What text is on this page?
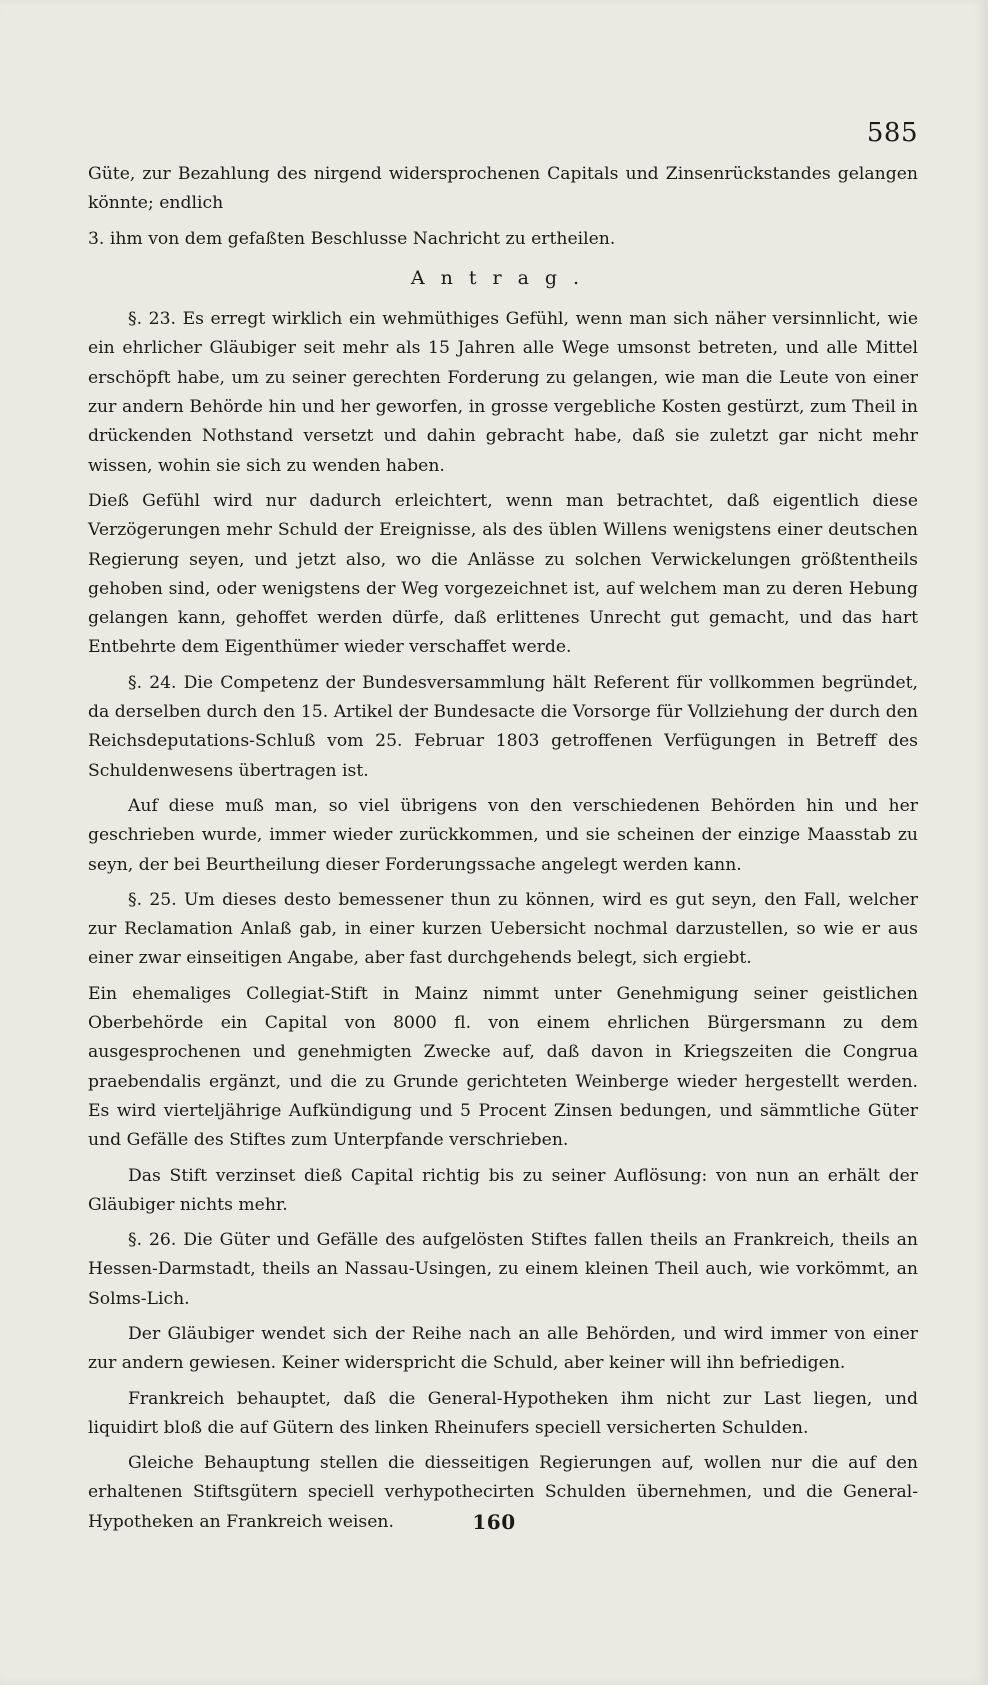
585

Güte, zur Bezahlung des nirgend widersprochenen Capitals und Zinsenrückstandes gelangen könnte; endlich

3. ihm von dem gefaßten Beschlusse Nachricht zu ertheilen.

Antrag.

§. 23. Es erregt wirklich ein wehmüthiges Gefühl, wenn man sich näher versinnlicht, wie ein ehrlicher Gläubiger seit mehr als 15 Jahren alle Wege umsonst betreten, und alle Mittel erschöpft habe, um zu seiner gerechten Forderung zu gelangen, wie man die Leute von einer zur andern Behörde hin und her geworfen, in grosse vergebliche Kosten gestürzt, zum Theil in drückenden Nothstand versetzt und dahin gebracht habe, daß sie zuletzt gar nicht mehr wissen, wohin sie sich zu wenden haben.

Dieß Gefühl wird nur dadurch erleichtert, wenn man betrachtet, daß eigentlich diese Verzögerungen mehr Schuld der Ereignisse, als des üblen Willens wenigstens einer deutschen Regierung seyen, und jetzt also, wo die Anlässe zu solchen Verwickelungen größtentheils gehoben sind, oder wenigstens der Weg vorgezeichnet ist, auf welchem man zu deren Hebung gelangen kann, gehoffet werden dürfe, daß erlittenes Unrecht gut gemacht, und das hart Entbehrte dem Eigenthümer wieder verschaffet werde.

§. 24. Die Competenz der Bundesversammlung hält Referent für vollkommen begründet, da derselben durch den 15. Artikel der Bundesacte die Vorsorge für Vollziehung der durch den Reichsdeputations-Schluß vom 25. Februar 1803 getroffenen Verfügungen in Betreff des Schuldenwesens übertragen ist.

Auf diese muß man, so viel übrigens von den verschiedenen Behörden hin und her geschrieben wurde, immer wieder zurückkommen, und sie scheinen der einzige Maasstab zu seyn, der bei Beurtheilung dieser Forderungssache angelegt werden kann.

§. 25. Um dieses desto bemessener thun zu können, wird es gut seyn, den Fall, welcher zur Reclamation Anlaß gab, in einer kurzen Uebersicht nochmal darzustellen, so wie er aus einer zwar einseitigen Angabe, aber fast durchgehends belegt, sich ergiebt.

Ein ehemaliges Collegiat-Stift in Mainz nimmt unter Genehmigung seiner geistlichen Oberbehörde ein Capital von 8000 fl. von einem ehrlichen Bürgersmann zu dem ausgesprochenen und genehmigten Zwecke auf, daß davon in Kriegszeiten die Congrua praebendalis ergänzt, und die zu Grunde gerichteten Weinberge wieder hergestellt werden. Es wird vierteljährige Aufkündigung und 5 Procent Zinsen bedungen, und sämmtliche Güter und Gefälle des Stiftes zum Unterpfande verschrieben.

Das Stift verzinset dieß Capital richtig bis zu seiner Auflösung: von nun an erhält der Gläubiger nichts mehr.

§. 26. Die Güter und Gefälle des aufgelösten Stiftes fallen theils an Frankreich, theils an Hessen-Darmstadt, theils an Nassau-Usingen, zu einem kleinen Theil auch, wie vorkömmt, an Solms-Lich.

Der Gläubiger wendet sich der Reihe nach an alle Behörden, und wird immer von einer zur andern gewiesen. Keiner widerspricht die Schuld, aber keiner will ihn befriedigen.

Frankreich behauptet, daß die General-Hypotheken ihm nicht zur Last liegen, und liquidirt bloß die auf Gütern des linken Rheinufers speciell versicherten Schulden.

Gleiche Behauptung stellen die diesseitigen Regierungen auf, wollen nur die auf den erhaltenen Stiftsgütern speciell verhypothecirten Schulden übernehmen, und die General-Hypotheken an Frankreich weisen.	160
